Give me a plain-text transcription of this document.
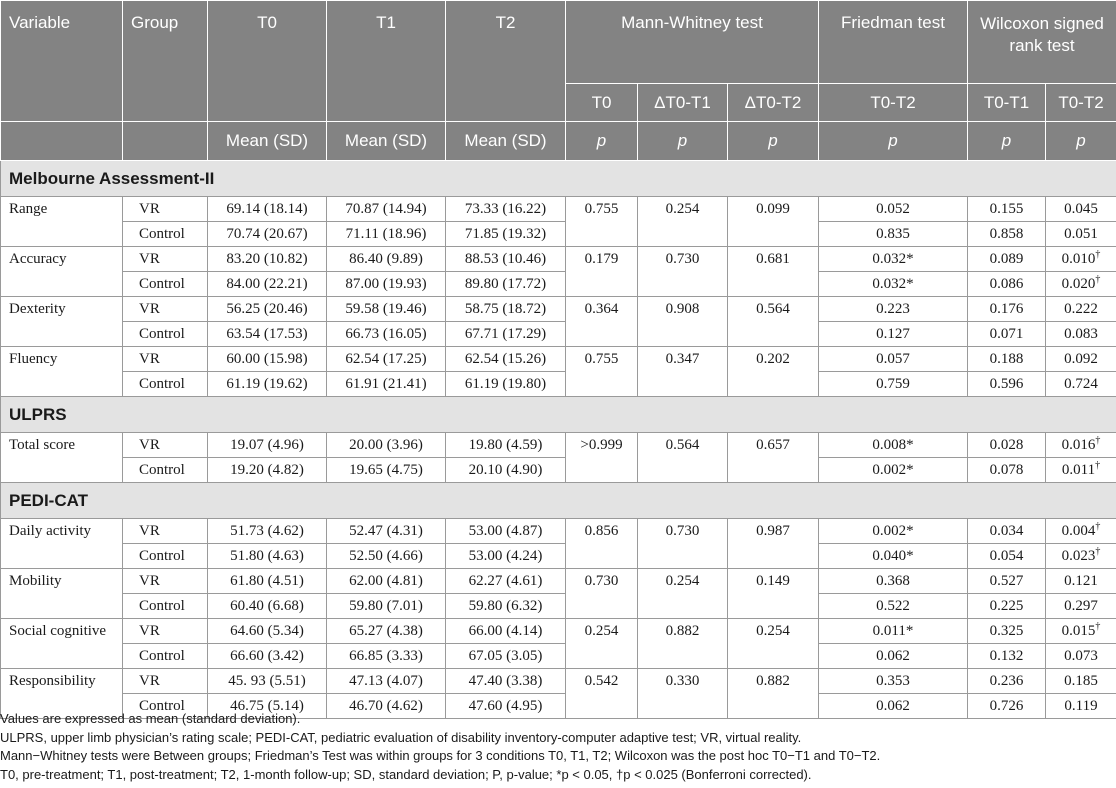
Variable	Group	T0	T1	T2	Mann-Whitney test			Friedman test	Wilcoxon signed rank test	
					T0	ΔT0-T1	ΔT0-T2	T0-T2	T0-T1	T0-T2
		Mean (SD)	Mean (SD)	Mean (SD)	p	p	p	p	p	p
Melbourne Assessment-II										
Range	VR	69.14 (18.14)	70.87 (14.94)	73.33 (16.22)	0.755	0.254	0.099	0.052	0.155	0.045
	Control	70.74 (20.67)	71.11 (18.96)	71.85 (19.32)				0.835	0.858	0.051
Accuracy	VR	83.20 (10.82)	86.40 (9.89)	88.53 (10.46)	0.179	0.730	0.681	0.032*	0.089	0.010†
	Control	84.00 (22.21)	87.00 (19.93)	89.80 (17.72)				0.032*	0.086	0.020†
Dexterity	VR	56.25 (20.46)	59.58 (19.46)	58.75 (18.72)	0.364	0.908	0.564	0.223	0.176	0.222
	Control	63.54 (17.53)	66.73 (16.05)	67.71 (17.29)				0.127	0.071	0.083
Fluency	VR	60.00 (15.98)	62.54 (17.25)	62.54 (15.26)	0.755	0.347	0.202	0.057	0.188	0.092
	Control	61.19 (19.62)	61.91 (21.41)	61.19 (19.80)				0.759	0.596	0.724
ULPRS										
Total score	VR	19.07 (4.96)	20.00 (3.96)	19.80 (4.59)	>0.999	0.564	0.657	0.008*	0.028	0.016†
	Control	19.20 (4.82)	19.65 (4.75)	20.10 (4.90)				0.002*	0.078	0.011†
PEDI-CAT										
Daily activity	VR	51.73 (4.62)	52.47 (4.31)	53.00 (4.87)	0.856	0.730	0.987	0.002*	0.034	0.004†
	Control	51.80 (4.63)	52.50 (4.66)	53.00 (4.24)				0.040*	0.054	0.023†
Mobility	VR	61.80 (4.51)	62.00 (4.81)	62.27 (4.61)	0.730	0.254	0.149	0.368	0.527	0.121
	Control	60.40 (6.68)	59.80 (7.01)	59.80 (6.32)				0.522	0.225	0.297
Social cognitive	VR	64.60 (5.34)	65.27 (4.38)	66.00 (4.14)	0.254	0.882	0.254	0.011*	0.325	0.015†
	Control	66.60 (3.42)	66.85 (3.33)	67.05 (3.05)				0.062	0.132	0.073
Responsibility	VR	45. 93 (5.51)	47.13 (4.07)	47.40 (3.38)	0.542	0.330	0.882	0.353	0.236	0.185
	Control	46.75 (5.14)	46.70 (4.62)	47.60 (4.95)				0.062	0.726	0.119
Values are expressed as mean (standard deviation).
ULPRS, upper limb physician’s rating scale; PEDI-CAT, pediatric evaluation of disability inventory-computer adaptive test; VR, virtual reality.
Mann−Whitney tests were Between groups; Friedman’s Test was within groups for 3 conditions T0, T1, T2; Wilcoxon was the post hoc T0−T1 and T0−T2.
T0, pre-treatment; T1, post-treatment; T2, 1-month follow-up; SD, standard deviation; P, p-value; *p < 0.05, †p < 0.025 (Bonferroni corrected).
